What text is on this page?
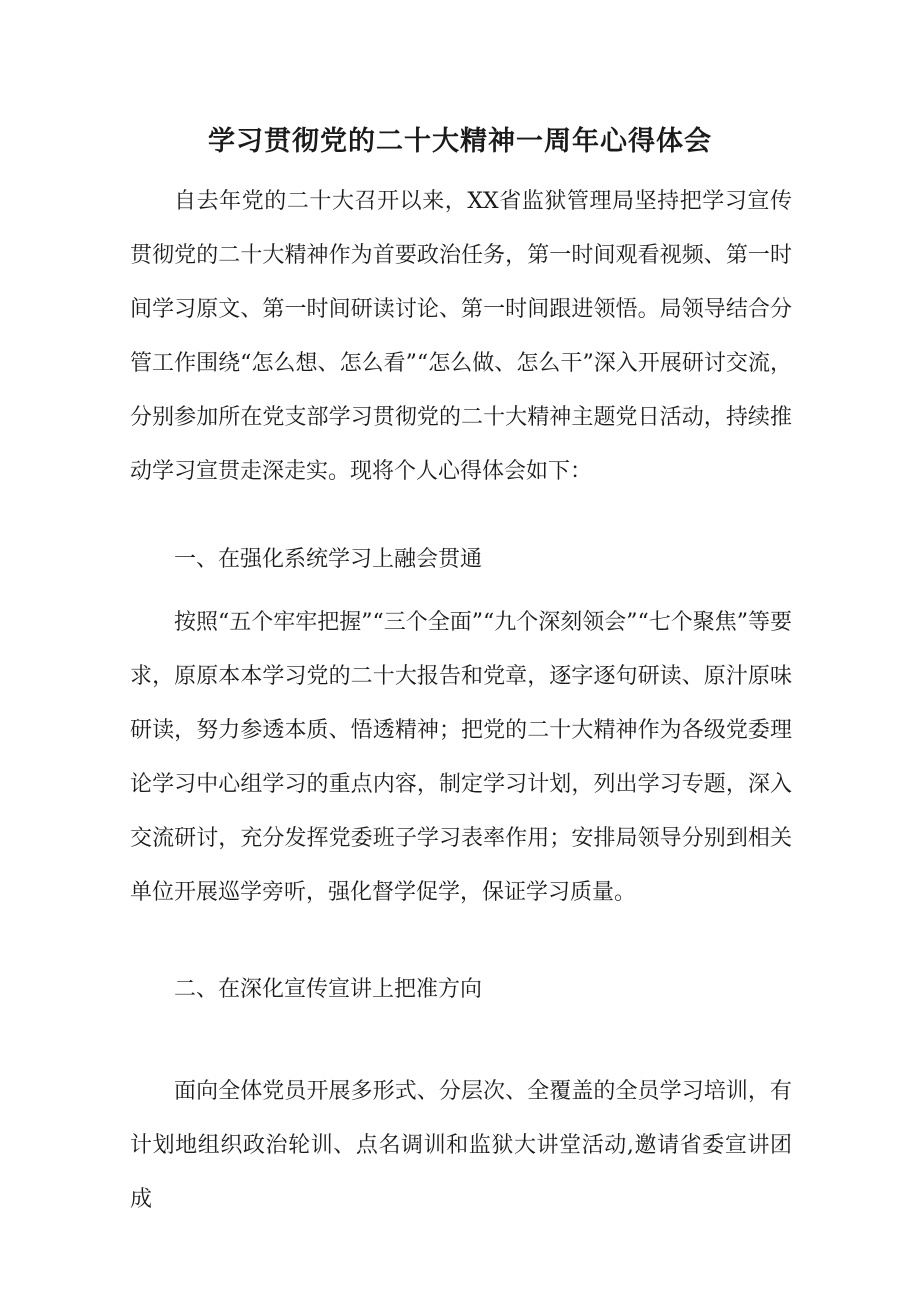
学习贯彻党的二十大精神一周年心得体会

自去年党的二十大召开以来，XX省监狱管理局坚持把学习宣传贯彻党的二十大精神作为首要政治任务，第一时间观看视频、第一时间学习原文、第一时间研读讨论、第一时间跟进领悟。局领导结合分管工作围绕“怎么想、怎么看”“怎么做、怎么干”深入开展研讨交流，分别参加所在党支部学习贯彻党的二十大精神主题党日活动，持续推动学习宣贯走深走实。现将个人心得体会如下：

一、在强化系统学习上融会贯通

按照“五个牢牢把握”“三个全面”“九个深刻领会”“七个聚焦”等要求，原原本本学习党的二十大报告和党章，逐字逐句研读、原汁原味研读，努力参透本质、悟透精神；把党的二十大精神作为各级党委理论学习中心组学习的重点内容，制定学习计划，列出学习专题，深入交流研讨，充分发挥党委班子学习表率作用；安排局领导分别到相关单位开展巡学旁听，强化督学促学，保证学习质量。

二、在深化宣传宣讲上把准方向

面向全体党员开展多形式、分层次、全覆盖的全员学习培训，有计划地组织政治轮训、点名调训和监狱大讲堂活动,邀请省委宣讲团成
